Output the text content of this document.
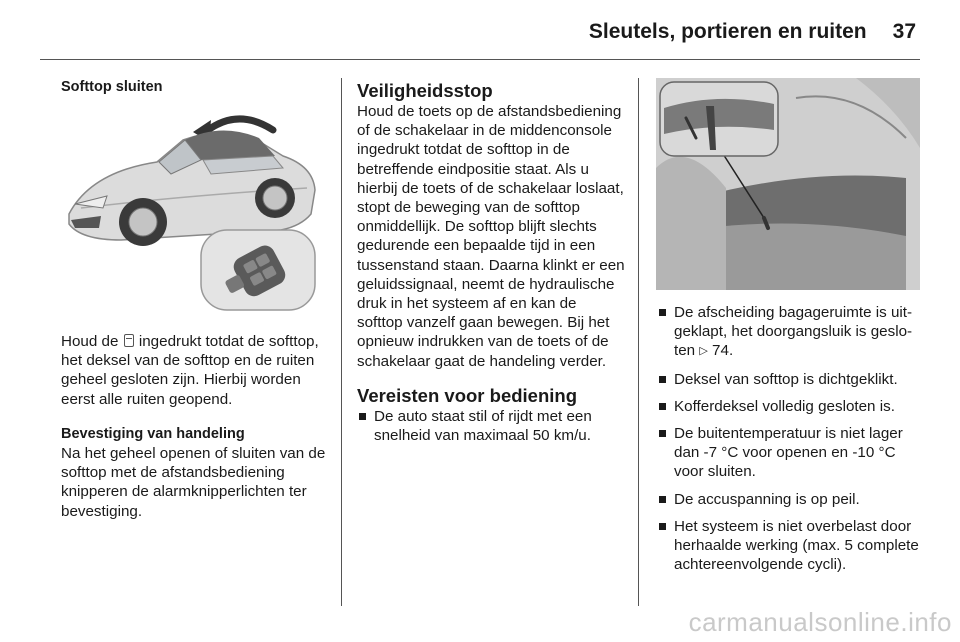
Sleutels, portieren en ruiten 37

Softtop sluiten

Houd de  ingedrukt totdat de softtop, het deksel van de softtop en de ruiten geheel gesloten zijn. Hierbij worden eerst alle ruiten geopend.

Bevestiging van handeling

Na het geheel openen of sluiten van de softtop met de afstandsbediening knipperen de alarmknipperlichten ter bevestiging.

Veiligheidsstop

Houd de toets op de afstandsbediening of de schakelaar in de middenconsole ingedrukt totdat de softtop in de betreffende eindpositie staat. Als u hierbij de toets of de schakelaar loslaat, stopt de beweging van de softtop onmiddellijk. De softtop blijft slechts gedurende een bepaalde tijd in een tussenstand staan. Daarna klinkt er een geluidssignaal, neemt de hydraulische druk in het systeem af en kan de softtop vanzelf gaan bewegen. Bij het opnieuw indrukken van de toets of de schakelaar gaat de handeling verder.

Vereisten voor bediening

De auto staat stil of rijdt met een snelheid van maximaal 50 km/u.
De afscheiding bagageruimte is uitgeklapt, het doorgangsluik is gesloten ▷ 74.
Deksel van softtop is dichtgeklikt.
Kofferdeksel volledig gesloten is.
De buitentemperatuur is niet lager dan -7 °C voor openen en -10 °C voor sluiten.
De accuspanning is op peil.
Het systeem is niet overbelast door herhaalde werking (max. 5 complete achtereenvolgende cycli).
carmanualsonline.info
